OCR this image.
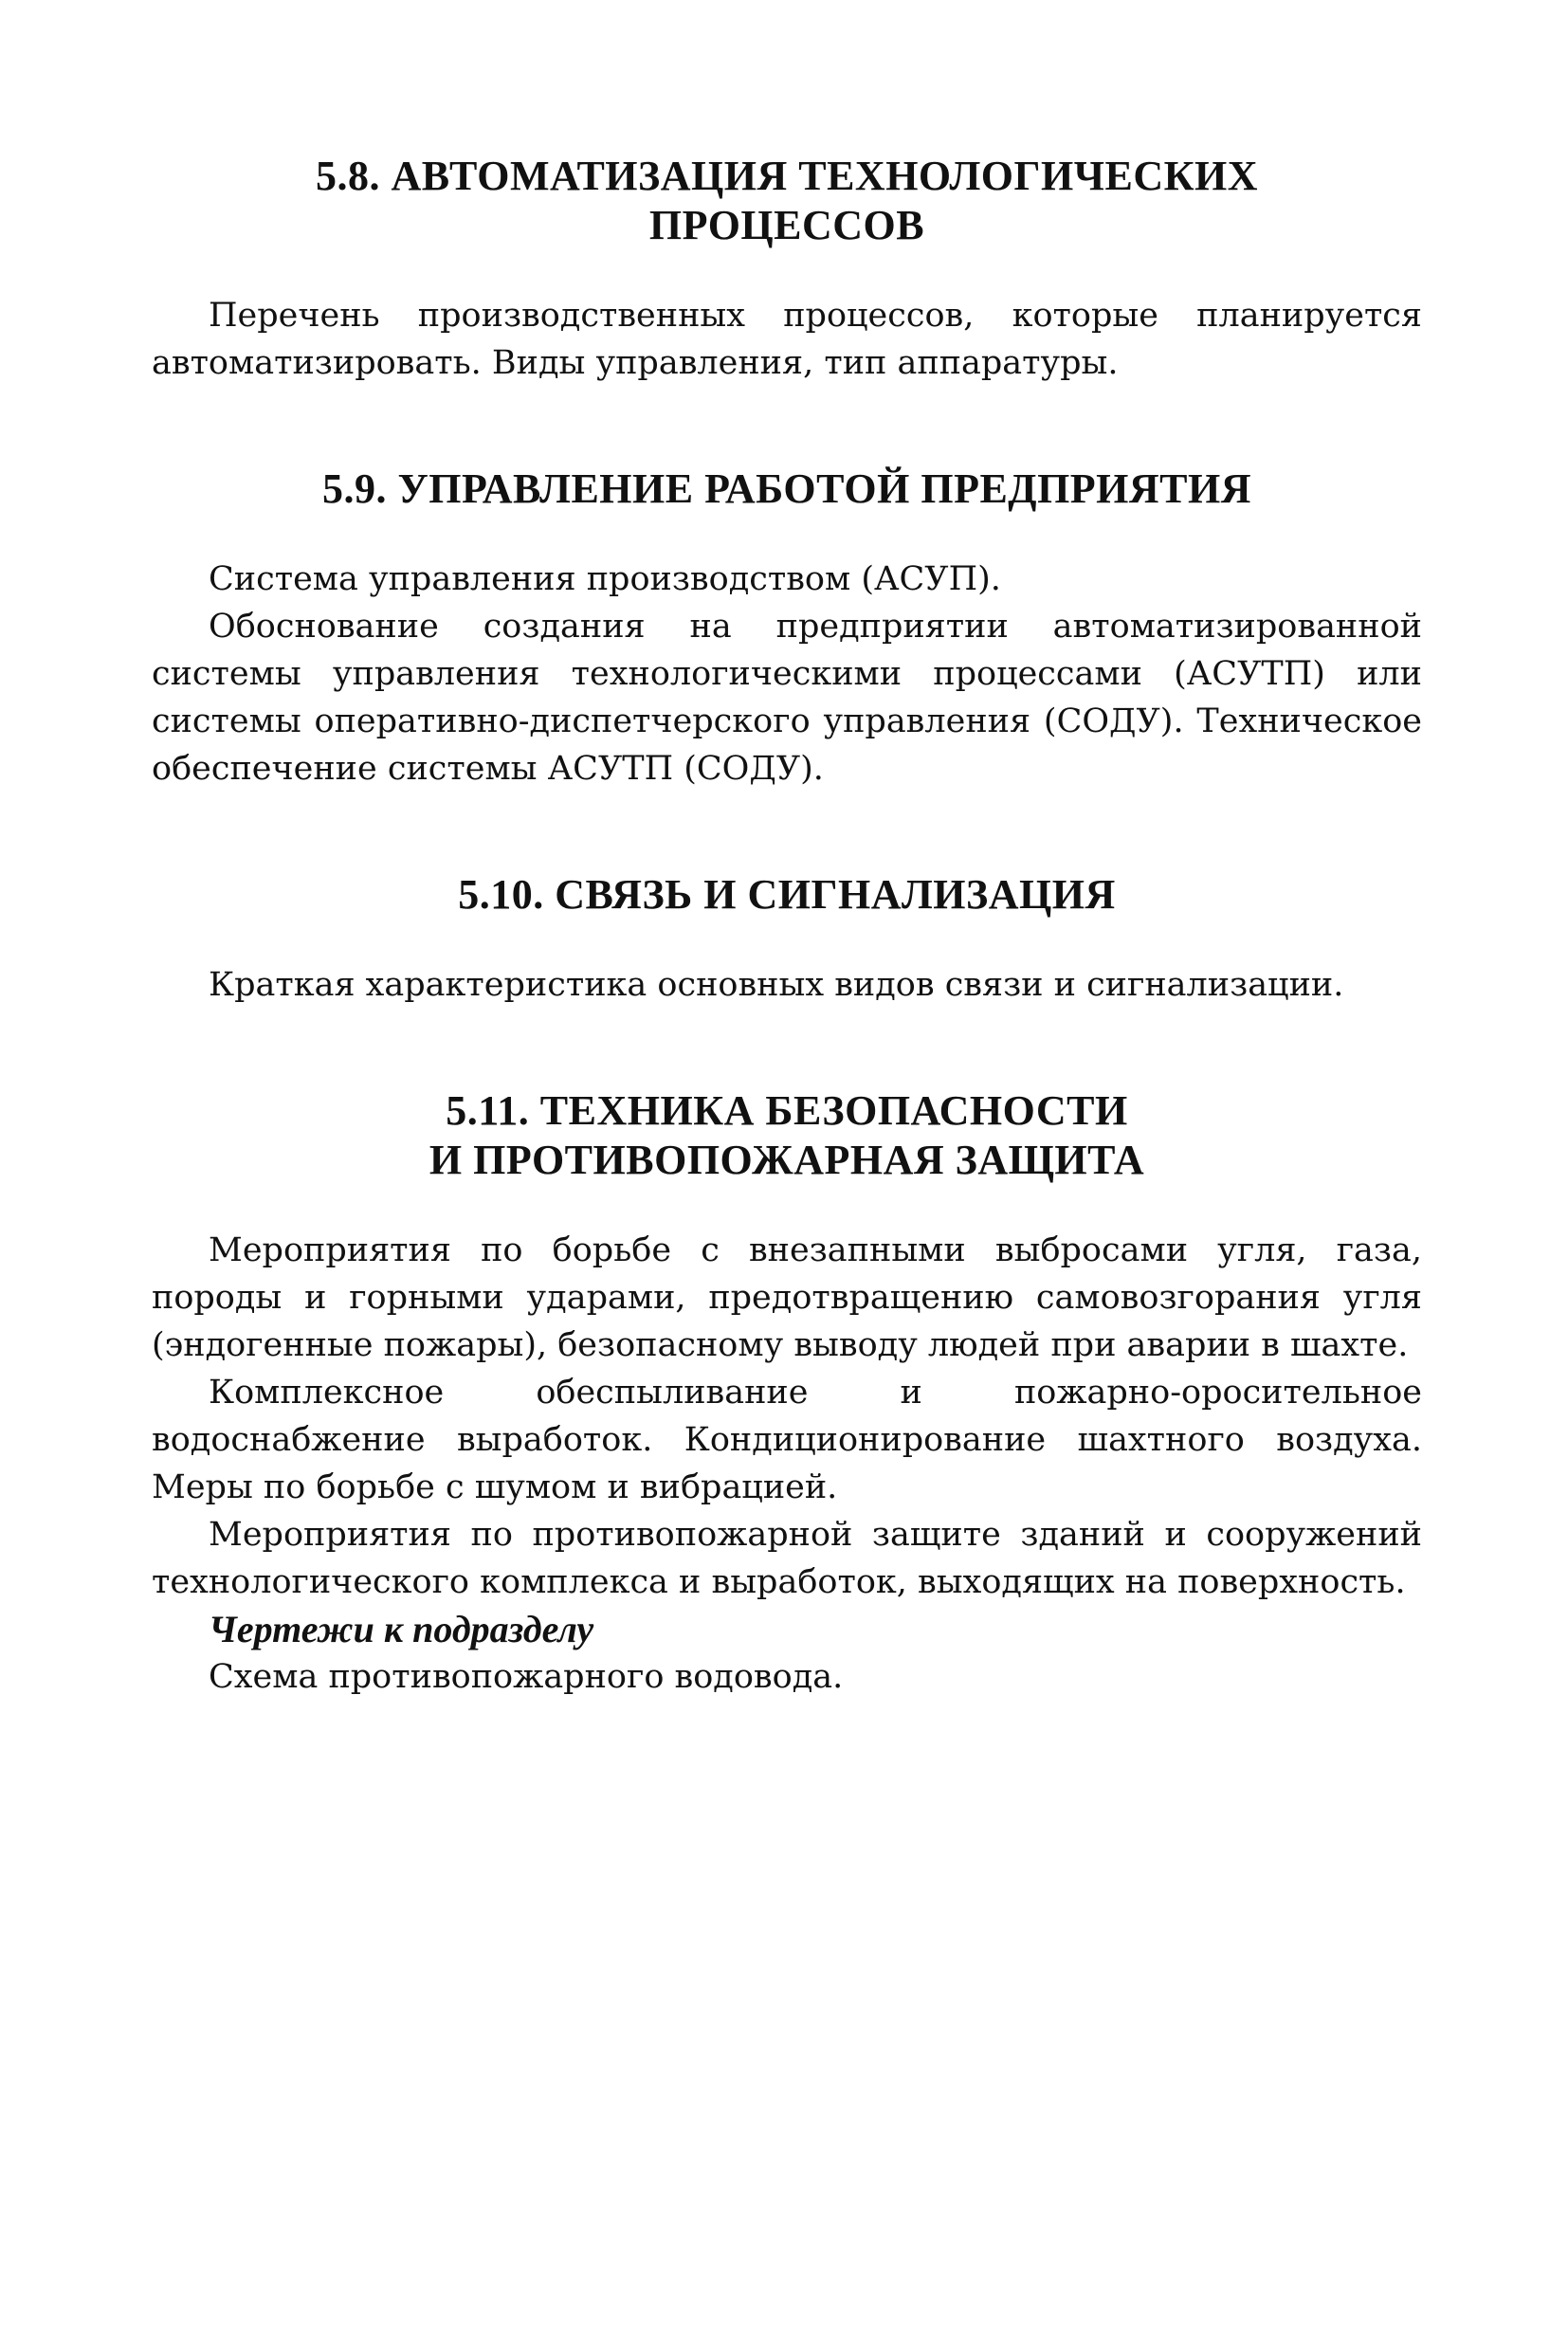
5.8. АВТОМАТИЗАЦИЯ ТЕХНОЛОГИЧЕСКИХ

ПРОЦЕССОВ

Перечень производственных процессов, которые планируется автоматизировать. Виды управления, тип аппаратуры.

5.9. УПРАВЛЕНИЕ РАБОТОЙ ПРЕДПРИЯТИЯ

Система управления производством (АСУП).

Обоснование создания на предприятии автоматизированной системы управления технологическими процессами (АСУТП) или системы оперативно-диспетчерского управления (СОДУ). Техническое обеспечение системы АСУТП (СОДУ).

5.10. СВЯЗЬ И СИГНАЛИЗАЦИЯ

Краткая характеристика основных видов связи и сигнализации.

5.11. ТЕХНИКА БЕЗОПАСНОСТИ

И ПРОТИВОПОЖАРНАЯ ЗАЩИТА

Мероприятия по борьбе с внезапными выбросами угля, газа, породы и горными ударами, предотвращению самовозгорания угля (эндогенные пожары), безопасному выводу людей при аварии в шахте.

Комплексное обеспыливание и пожарно-оросительное водоснабжение выработок. Кондиционирование шахтного воздуха. Меры по борьбе с шумом и вибрацией.

Мероприятия по противопожарной защите зданий и сооружений технологического комплекса и выработок, выходящих на поверхность.

Чертежи к подразделу

Схема противопожарного водовода.
